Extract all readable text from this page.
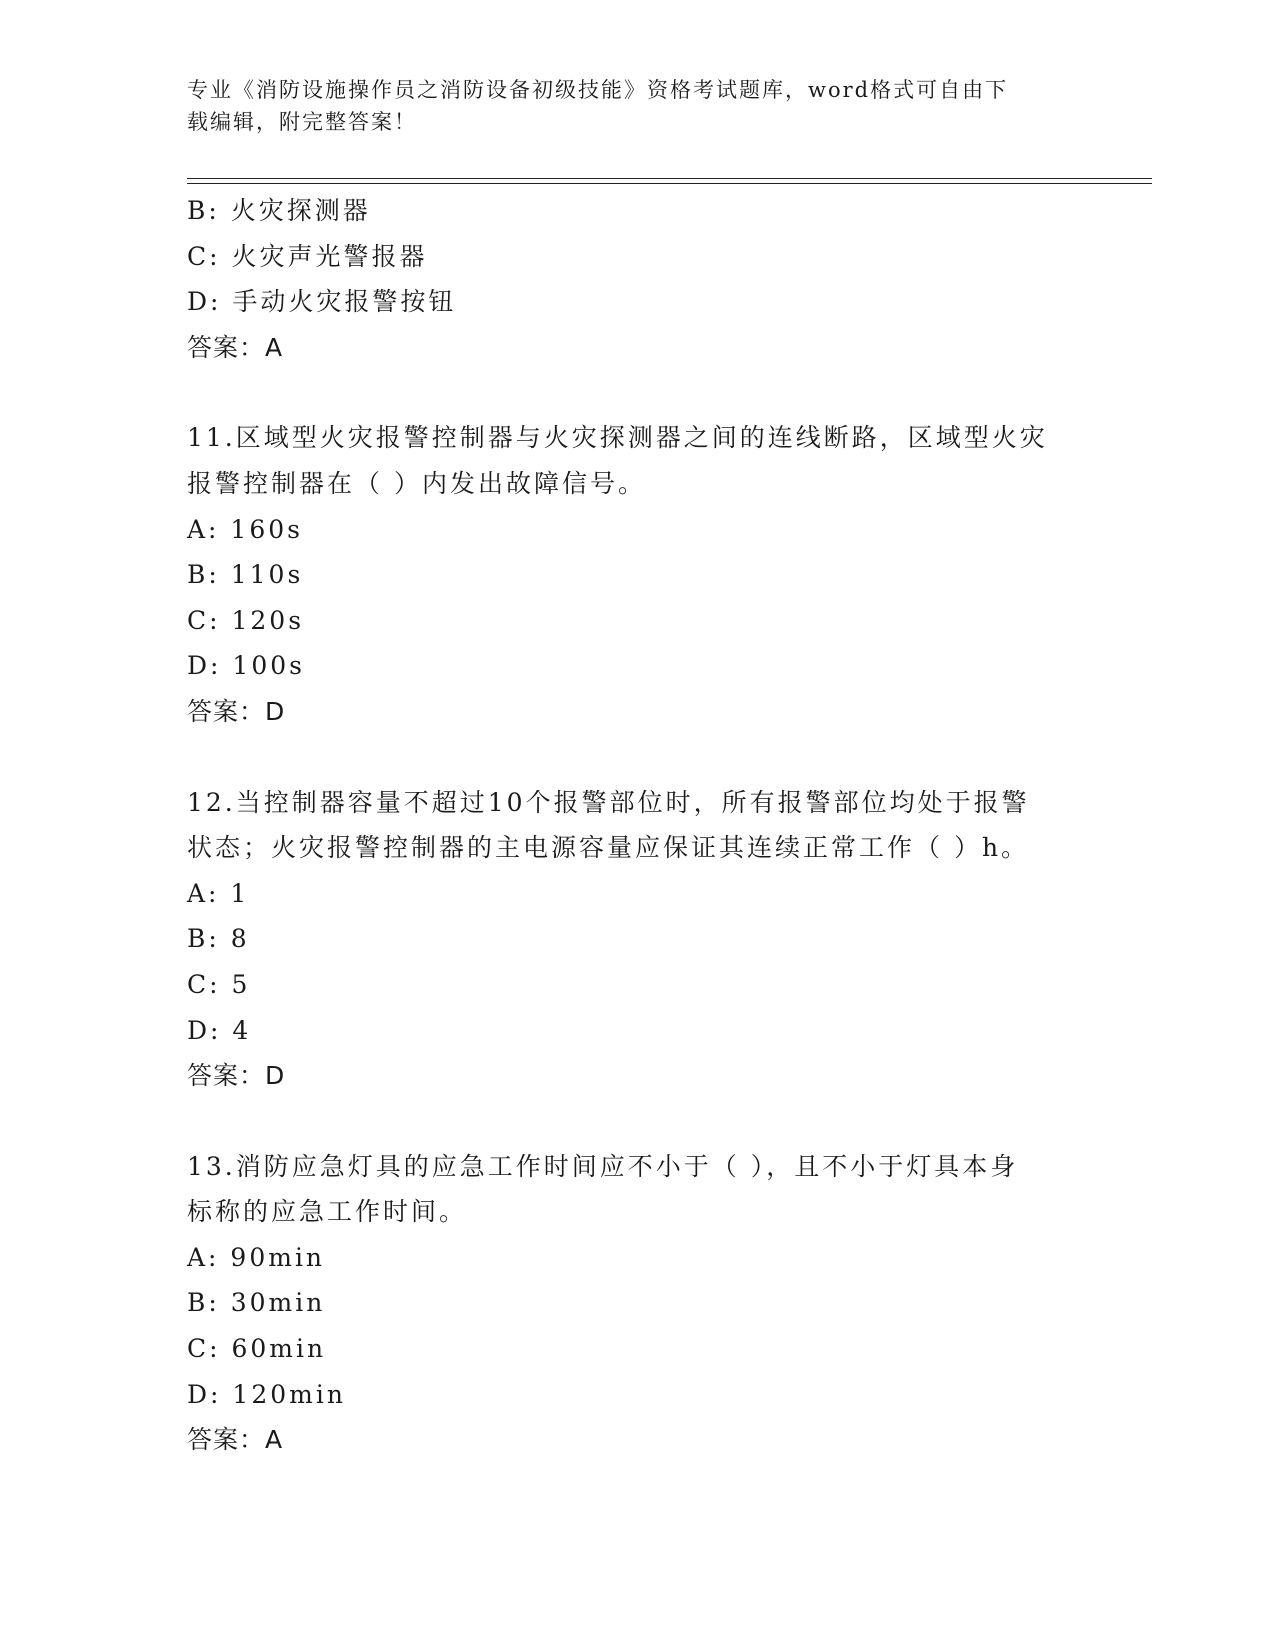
专业《消防设施操作员之消防设备初级技能》资格考试题库，word格式可自由下
载编辑，附完整答案！
B: 火灾探测器
C: 火灾声光警报器
D: 手动火灾报警按钮
答案：A
11.区域型火灾报警控制器与火灾探测器之间的连线断路，区域型火灾
报警控制器在（ ）内发出故障信号。
A: 160s
B: 110s
C: 120s
D: 100s
答案：D
12.当控制器容量不超过10个报警部位时，所有报警部位均处于报警
状态；火灾报警控制器的主电源容量应保证其连续正常工作（ ）h。
A: 1
B: 8
C: 5
D: 4
答案：D
13.消防应急灯具的应急工作时间应不小于（ ），且不小于灯具本身
标称的应急工作时间。
A: 90min
B: 30min
C: 60min
D: 120min
答案：A
